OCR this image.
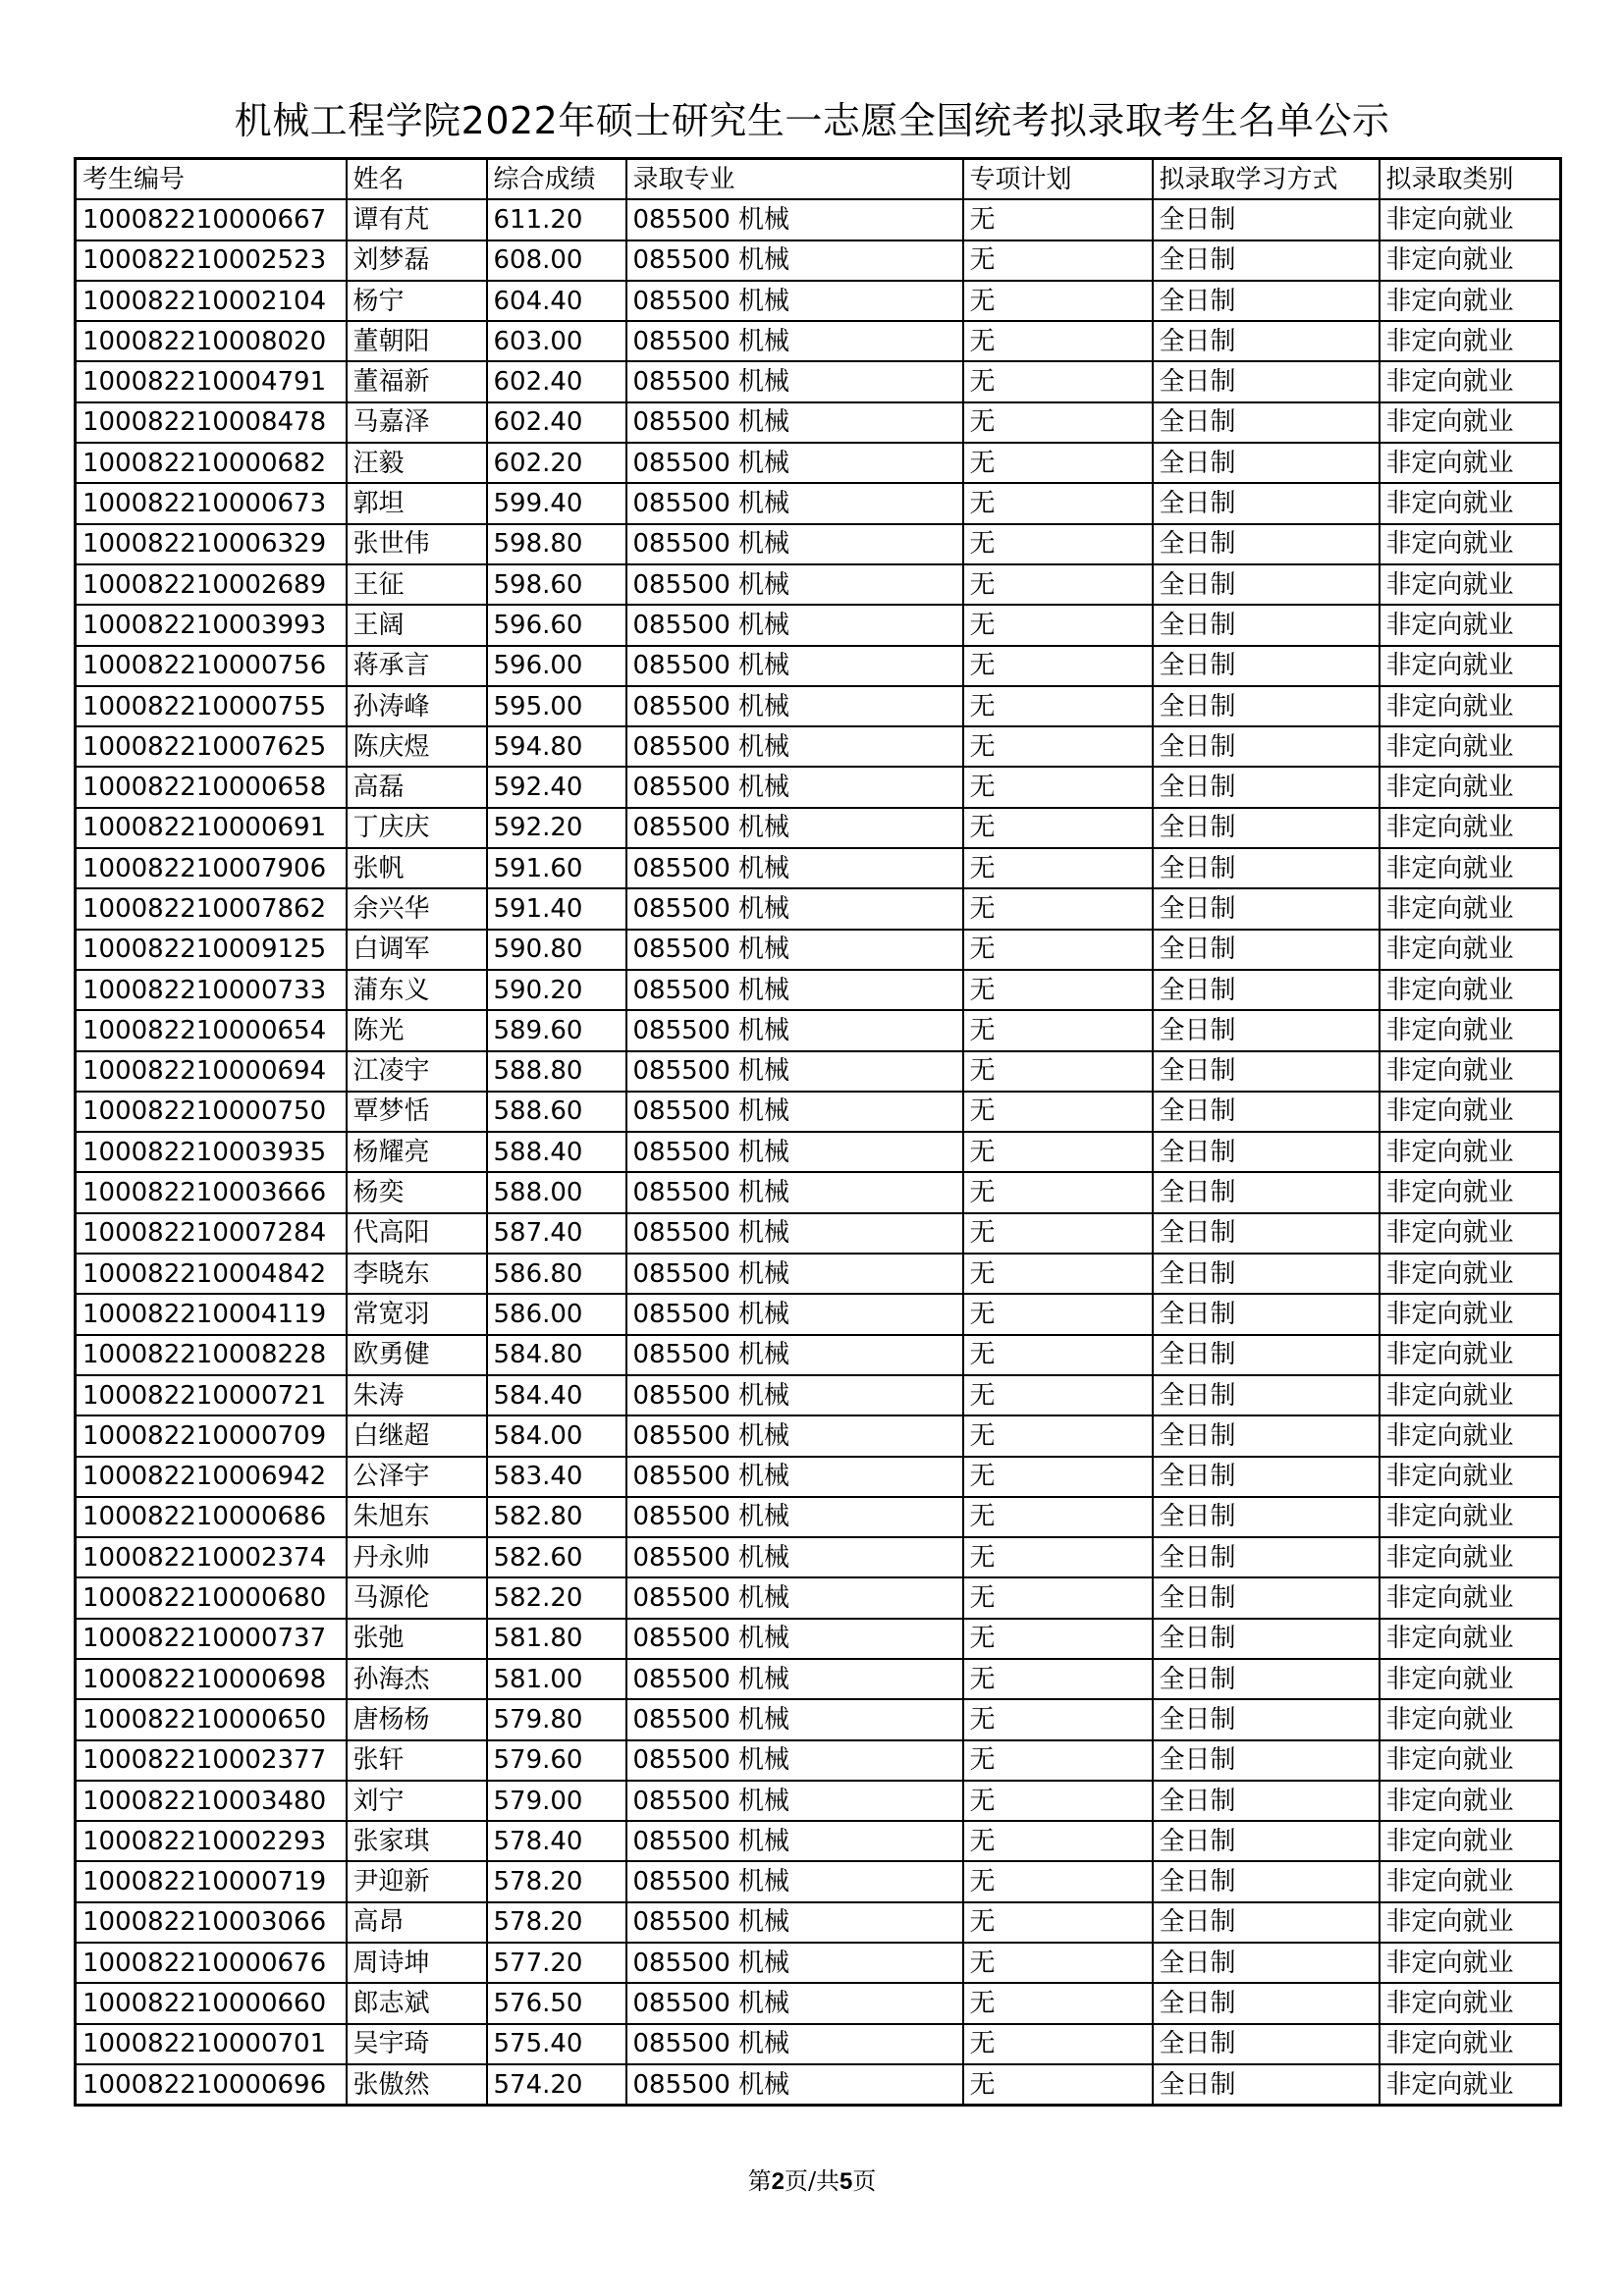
机械工程学院2022年硕士研究生一志愿全国统考拟录取考生名单公示
考生编号	姓名	综合成绩	录取专业	专项计划	拟录取学习方式	拟录取类别
100082210000667	谭有芃	611.20	085500 机械	无	全日制	非定向就业
100082210002523	刘梦磊	608.00	085500 机械	无	全日制	非定向就业
100082210002104	杨宁	604.40	085500 机械	无	全日制	非定向就业
100082210008020	董朝阳	603.00	085500 机械	无	全日制	非定向就业
100082210004791	董福新	602.40	085500 机械	无	全日制	非定向就业
100082210008478	马嘉泽	602.40	085500 机械	无	全日制	非定向就业
100082210000682	汪毅	602.20	085500 机械	无	全日制	非定向就业
100082210000673	郭坦	599.40	085500 机械	无	全日制	非定向就业
100082210006329	张世伟	598.80	085500 机械	无	全日制	非定向就业
100082210002689	王征	598.60	085500 机械	无	全日制	非定向就业
100082210003993	王阔	596.60	085500 机械	无	全日制	非定向就业
100082210000756	蒋承言	596.00	085500 机械	无	全日制	非定向就业
100082210000755	孙涛峰	595.00	085500 机械	无	全日制	非定向就业
100082210007625	陈庆煜	594.80	085500 机械	无	全日制	非定向就业
100082210000658	高磊	592.40	085500 机械	无	全日制	非定向就业
100082210000691	丁庆庆	592.20	085500 机械	无	全日制	非定向就业
100082210007906	张帆	591.60	085500 机械	无	全日制	非定向就业
100082210007862	余兴华	591.40	085500 机械	无	全日制	非定向就业
100082210009125	白调军	590.80	085500 机械	无	全日制	非定向就业
100082210000733	蒲东义	590.20	085500 机械	无	全日制	非定向就业
100082210000654	陈光	589.60	085500 机械	无	全日制	非定向就业
100082210000694	江凌宇	588.80	085500 机械	无	全日制	非定向就业
100082210000750	覃梦恬	588.60	085500 机械	无	全日制	非定向就业
100082210003935	杨耀亮	588.40	085500 机械	无	全日制	非定向就业
100082210003666	杨奕	588.00	085500 机械	无	全日制	非定向就业
100082210007284	代高阳	587.40	085500 机械	无	全日制	非定向就业
100082210004842	李晓东	586.80	085500 机械	无	全日制	非定向就业
100082210004119	常宽羽	586.00	085500 机械	无	全日制	非定向就业
100082210008228	欧勇健	584.80	085500 机械	无	全日制	非定向就业
100082210000721	朱涛	584.40	085500 机械	无	全日制	非定向就业
100082210000709	白继超	584.00	085500 机械	无	全日制	非定向就业
100082210006942	公泽宇	583.40	085500 机械	无	全日制	非定向就业
100082210000686	朱旭东	582.80	085500 机械	无	全日制	非定向就业
100082210002374	丹永帅	582.60	085500 机械	无	全日制	非定向就业
100082210000680	马源伦	582.20	085500 机械	无	全日制	非定向就业
100082210000737	张弛	581.80	085500 机械	无	全日制	非定向就业
100082210000698	孙海杰	581.00	085500 机械	无	全日制	非定向就业
100082210000650	唐杨杨	579.80	085500 机械	无	全日制	非定向就业
100082210002377	张轩	579.60	085500 机械	无	全日制	非定向就业
100082210003480	刘宁	579.00	085500 机械	无	全日制	非定向就业
100082210002293	张家琪	578.40	085500 机械	无	全日制	非定向就业
100082210000719	尹迎新	578.20	085500 机械	无	全日制	非定向就业
100082210003066	高昂	578.20	085500 机械	无	全日制	非定向就业
100082210000676	周诗坤	577.20	085500 机械	无	全日制	非定向就业
100082210000660	郎志斌	576.50	085500 机械	无	全日制	非定向就业
100082210000701	吴宇琦	575.40	085500 机械	无	全日制	非定向就业
100082210000696	张傲然	574.20	085500 机械	无	全日制	非定向就业
第2页/共5页
